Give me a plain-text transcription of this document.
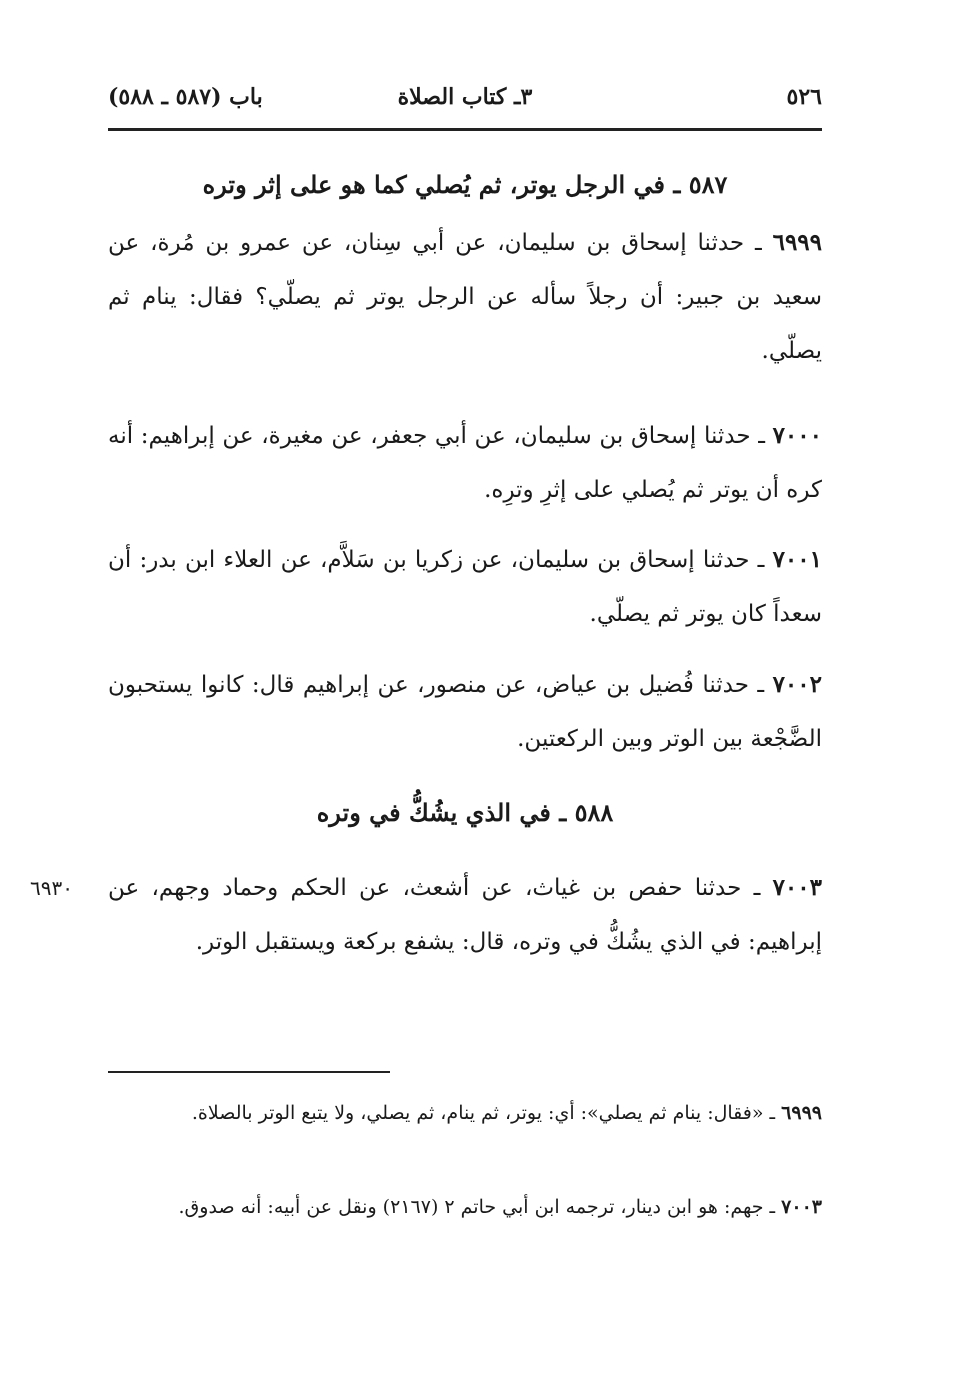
٥٢٦
٣ـ كتاب الصلاة
باب (٥٨٧ ـ ٥٨٨)
٥٨٧ ـ في الرجل يوتر، ثم يُصلي كما هو على إثر وتره

٦٩٩٩ ـ حدثنا إسحاق بن سليمان، عن أبي سِنان، عن عمرو بن مُرة، عن سعيد بن جبير: أن رجلاً سأله عن الرجل يوتر ثم يصلّي؟ فقال: ينام ثم يصلّي.

٧٠٠٠ ـ حدثنا إسحاق بن سليمان، عن أبي جعفر، عن مغيرة، عن إبراهيم: أنه كره أن يوتر ثم يُصلي على إثرِ وترِه.

٧٠٠١ ـ حدثنا إسحاق بن سليمان، عن زكريا بن سَلاَّم، عن العلاء ابن بدر: أن سعداً كان يوتر ثم يصلّي.

٧٠٠٢ ـ حدثنا فُضيل بن عياض، عن منصور، عن إبراهيم قال: كانوا يستحبون الضَّجْعة بين الوتر وبين الركعتين.

٥٨٨ ـ في الذي يشُكُّ في وتره

٦٩٣٠	٧٠٠٣ ـ حدثنا حفص بن غياث، عن أشعث، عن الحكم وحماد وجهم، عن إبراهيم: في الذي يشُكُّ في وتره، قال: يشفع بركعة ويستقبل الوتر.

٦٩٩٩ ـ «فقال: ينام ثم يصلي»: أي: يوتر، ثم ينام، ثم يصلي، ولا يتبع الوتر بالصلاة.

٧٠٠٣ ـ جهم: هو ابن دينار، ترجمه ابن أبي حاتم ٢ (٢١٦٧) ونقل عن أبيه: أنه صدوق.
